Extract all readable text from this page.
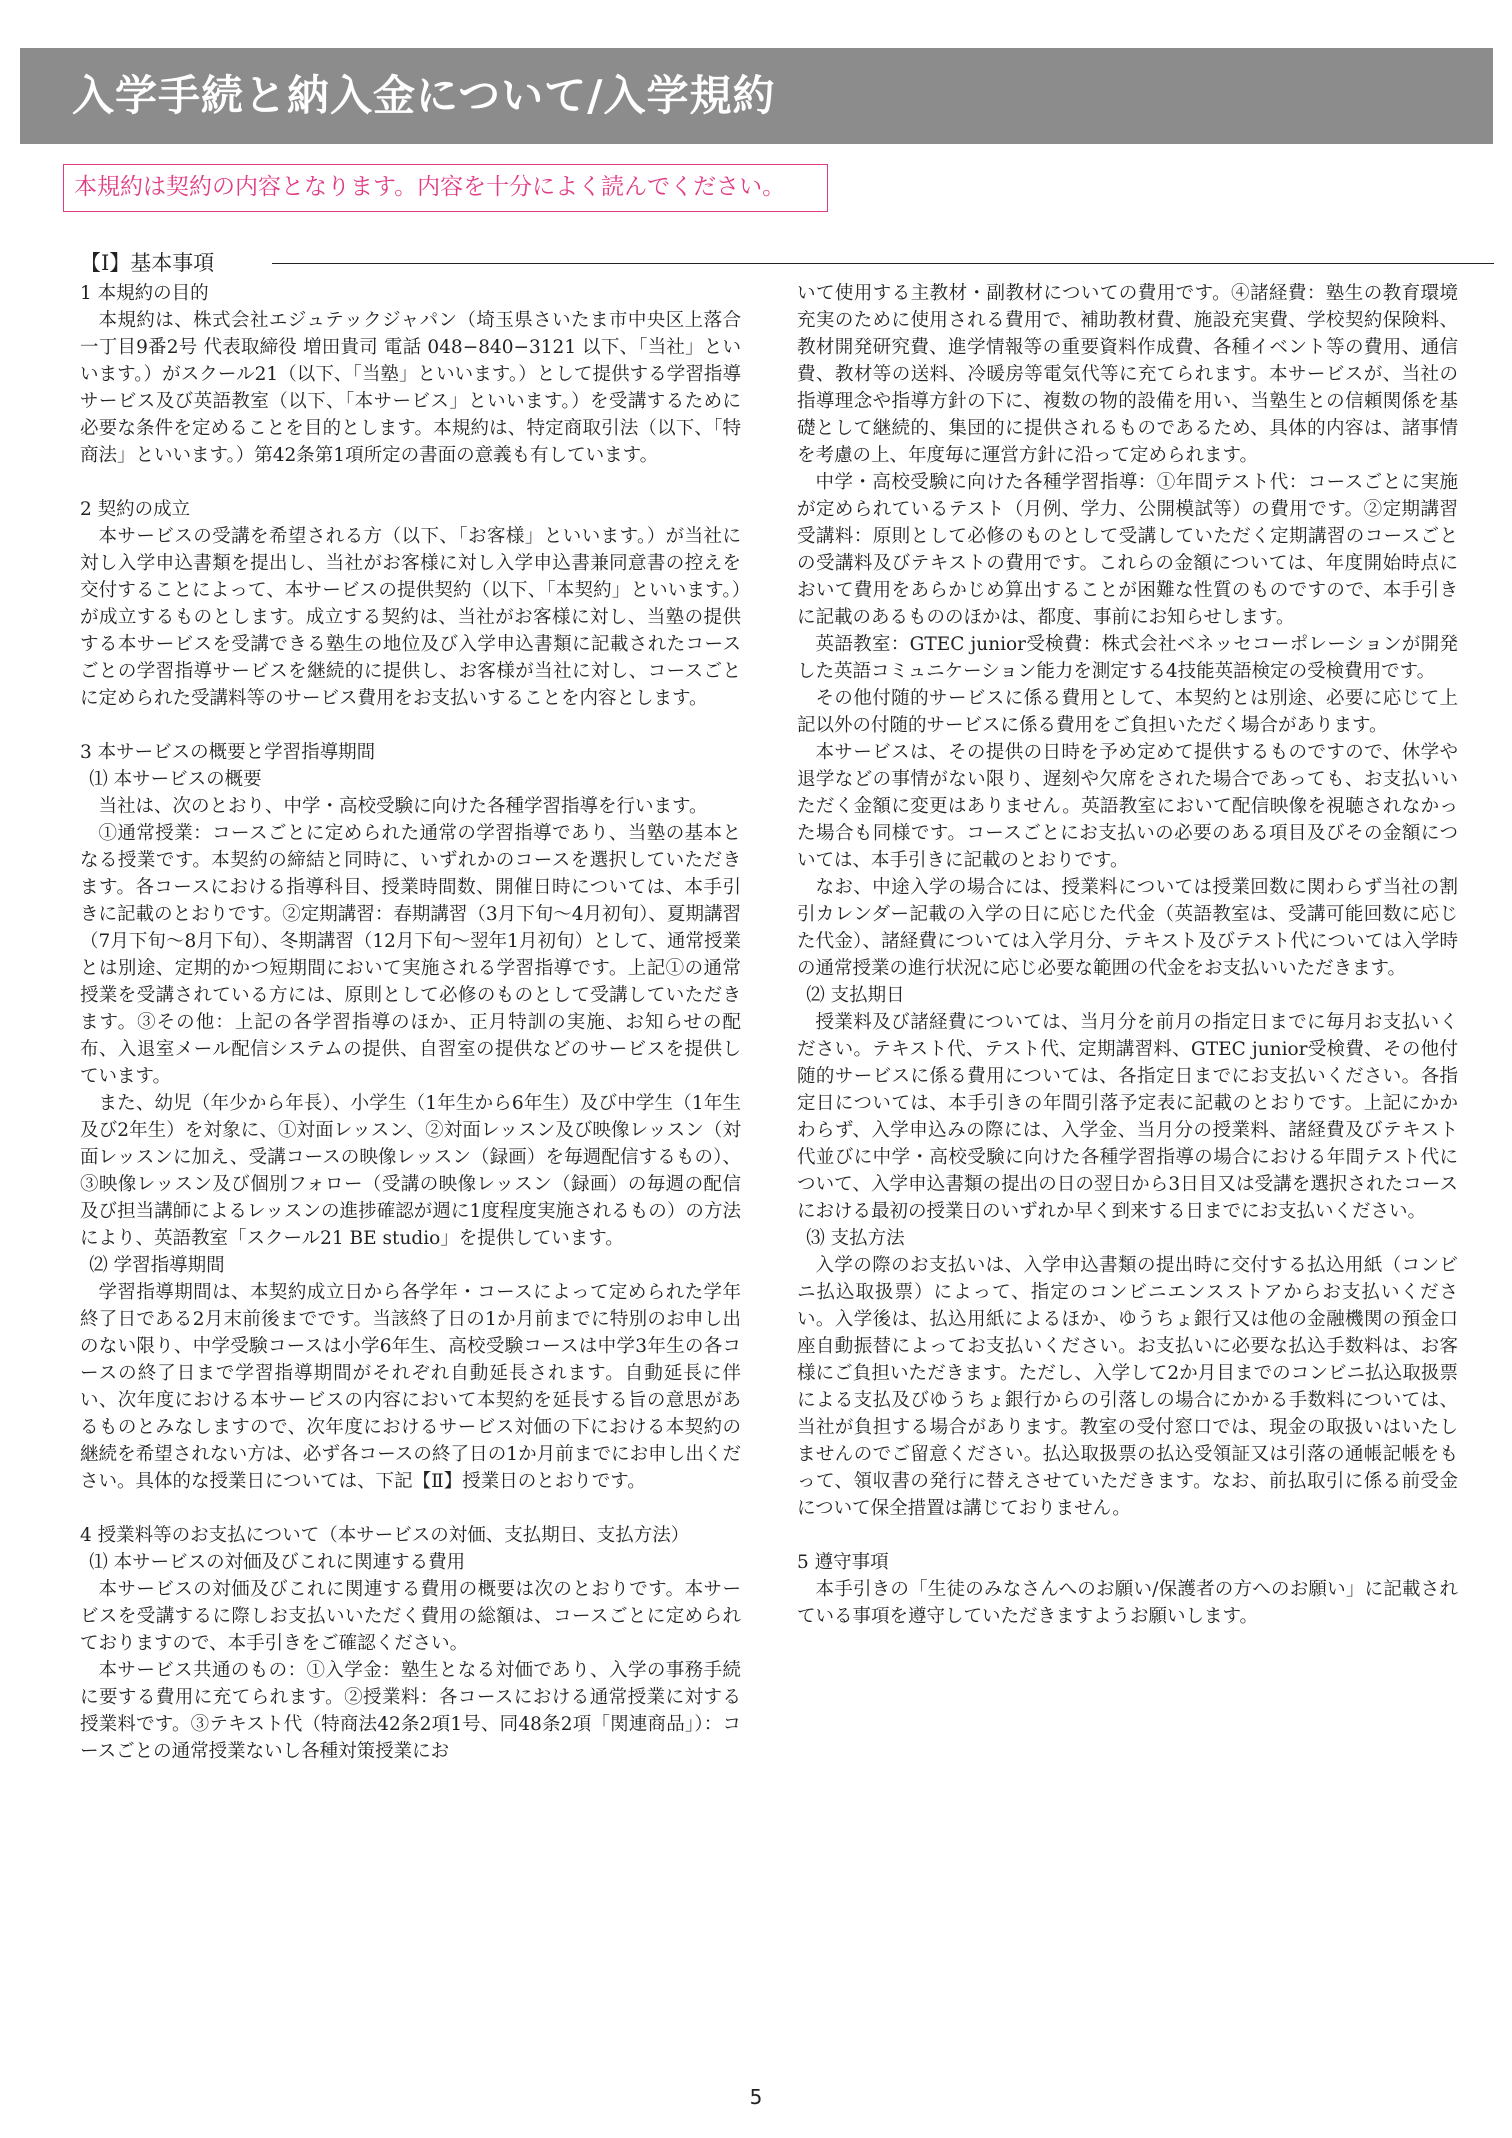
入学手続と納入金について/入学規約
本規約は契約の内容となります。内容を十分によく読んでください。
【Ⅰ】基本事項

1 本規約の目的

本規約は、株式会社エジュテックジャパン（埼玉県さいたま市中央区上落合一丁目9番2号 代表取締役 増田貴司 電話 048−840−3121 以下、「当社」といいます。）がスクール21（以下、「当塾」といいます。）として提供する学習指導サービス及び英語教室（以下、「本サービス」といいます。）を受講するために必要な条件を定めることを目的とします。本規約は、特定商取引法（以下、「特商法」といいます。）第42条第1項所定の書面の意義も有しています。

2 契約の成立

本サービスの受講を希望される方（以下、「お客様」といいます。）が当社に対し入学申込書類を提出し、当社がお客様に対し入学申込書兼同意書の控えを交付することによって、本サービスの提供契約（以下、「本契約」といいます。）が成立するものとします。成立する契約は、当社がお客様に対し、当塾の提供する本サービスを受講できる塾生の地位及び入学申込書類に記載されたコースごとの学習指導サービスを継続的に提供し、お客様が当社に対し、コースごとに定められた受講料等のサービス費用をお支払いすることを内容とします。

3 本サービスの概要と学習指導期間

⑴ 本サービスの概要

当社は、次のとおり、中学・高校受験に向けた各種学習指導を行います。

①通常授業：コースごとに定められた通常の学習指導であり、当塾の基本となる授業です。本契約の締結と同時に、いずれかのコースを選択していただきます。各コースにおける指導科目、授業時間数、開催日時については、本手引きに記載のとおりです。②定期講習：春期講習（3月下旬〜4月初旬）、夏期講習（7月下旬〜8月下旬）、冬期講習（12月下旬〜翌年1月初旬）として、通常授業とは別途、定期的かつ短期間において実施される学習指導です。上記①の通常授業を受講されている方には、原則として必修のものとして受講していただきます。③その他：上記の各学習指導のほか、正月特訓の実施、お知らせの配布、入退室メール配信システムの提供、自習室の提供などのサービスを提供しています。

また、幼児（年少から年長）、小学生（1年生から6年生）及び中学生（1年生及び2年生）を対象に、①対面レッスン、②対面レッスン及び映像レッスン（対面レッスンに加え、受講コースの映像レッスン（録画）を毎週配信するもの）、③映像レッスン及び個別フォロー（受講の映像レッスン（録画）の毎週の配信及び担当講師によるレッスンの進捗確認が週に1度程度実施されるもの）の方法により、英語教室「スクール21 BE studio」を提供しています。

⑵ 学習指導期間

学習指導期間は、本契約成立日から各学年・コースによって定められた学年終了日である2月末前後までです。当該終了日の1か月前までに特別のお申し出のない限り、中学受験コースは小学6年生、高校受験コースは中学3年生の各コースの終了日まで学習指導期間がそれぞれ自動延長されます。自動延長に伴い、次年度における本サービスの内容において本契約を延長する旨の意思があるものとみなしますので、次年度におけるサービス対価の下における本契約の継続を希望されない方は、必ず各コースの終了日の1か月前までにお申し出ください。具体的な授業日については、下記【Ⅱ】授業日のとおりです。

4 授業料等のお支払について（本サービスの対価、支払期日、支払方法）

⑴ 本サービスの対価及びこれに関連する費用

本サービスの対価及びこれに関連する費用の概要は次のとおりです。本サービスを受講するに際しお支払いいただく費用の総額は、コースごとに定められておりますので、本手引きをご確認ください。

本サービス共通のもの：①入学金：塾生となる対価であり、入学の事務手続に要する費用に充てられます。②授業料：各コースにおける通常授業に対する授業料です。③テキスト代（特商法42条2項1号、同48条2項「関連商品」）：コースごとの通常授業ないし各種対策授業にお

いて使用する主教材・副教材についての費用です。④諸経費：塾生の教育環境充実のために使用される費用で、補助教材費、施設充実費、学校契約保険料、教材開発研究費、進学情報等の重要資料作成費、各種イベント等の費用、通信費、教材等の送料、冷暖房等電気代等に充てられます。本サービスが、当社の指導理念や指導方針の下に、複数の物的設備を用い、当塾生との信頼関係を基礎として継続的、集団的に提供されるものであるため、具体的内容は、諸事情を考慮の上、年度毎に運営方針に沿って定められます。

中学・高校受験に向けた各種学習指導：①年間テスト代：コースごとに実施が定められているテスト（月例、学力、公開模試等）の費用です。②定期講習受講料：原則として必修のものとして受講していただく定期講習のコースごとの受講料及びテキストの費用です。これらの金額については、年度開始時点において費用をあらかじめ算出することが困難な性質のものですので、本手引きに記載のあるもののほかは、都度、事前にお知らせします。

英語教室：GTEC junior受検費：株式会社ベネッセコーポレーションが開発した英語コミュニケーション能力を測定する4技能英語検定の受検費用です。

その他付随的サービスに係る費用として、本契約とは別途、必要に応じて上記以外の付随的サービスに係る費用をご負担いただく場合があります。

本サービスは、その提供の日時を予め定めて提供するものですので、休学や退学などの事情がない限り、遅刻や欠席をされた場合であっても、お支払いいただく金額に変更はありません。英語教室において配信映像を視聴されなかった場合も同様です。コースごとにお支払いの必要のある項目及びその金額については、本手引きに記載のとおりです。

なお、中途入学の場合には、授業料については授業回数に関わらず当社の割引カレンダー記載の入学の日に応じた代金（英語教室は、受講可能回数に応じた代金）、諸経費については入学月分、テキスト及びテスト代については入学時の通常授業の進行状況に応じ必要な範囲の代金をお支払いいただきます。

⑵ 支払期日

授業料及び諸経費については、当月分を前月の指定日までに毎月お支払いください。テキスト代、テスト代、定期講習料、GTEC junior受検費、その他付随的サービスに係る費用については、各指定日までにお支払いください。各指定日については、本手引きの年間引落予定表に記載のとおりです。上記にかかわらず、入学申込みの際には、入学金、当月分の授業料、諸経費及びテキスト代並びに中学・高校受験に向けた各種学習指導の場合における年間テスト代について、入学申込書類の提出の日の翌日から3日目又は受講を選択されたコースにおける最初の授業日のいずれか早く到来する日までにお支払いください。

⑶ 支払方法

入学の際のお支払いは、入学申込書類の提出時に交付する払込用紙（コンビニ払込取扱票）によって、指定のコンビニエンスストアからお支払いください。入学後は、払込用紙によるほか、ゆうちょ銀行又は他の金融機関の預金口座自動振替によってお支払いください。お支払いに必要な払込手数料は、お客様にご負担いただきます。ただし、入学して2か月目までのコンビニ払込取扱票による支払及びゆうちょ銀行からの引落しの場合にかかる手数料については、当社が負担する場合があります。教室の受付窓口では、現金の取扱いはいたしませんのでご留意ください。払込取扱票の払込受領証又は引落の通帳記帳をもって、領収書の発行に替えさせていただきます。なお、前払取引に係る前受金について保全措置は講じておりません。

5 遵守事項

本手引きの「生徒のみなさんへのお願い/保護者の方へのお願い」に記載されている事項を遵守していただきますようお願いします。

5
